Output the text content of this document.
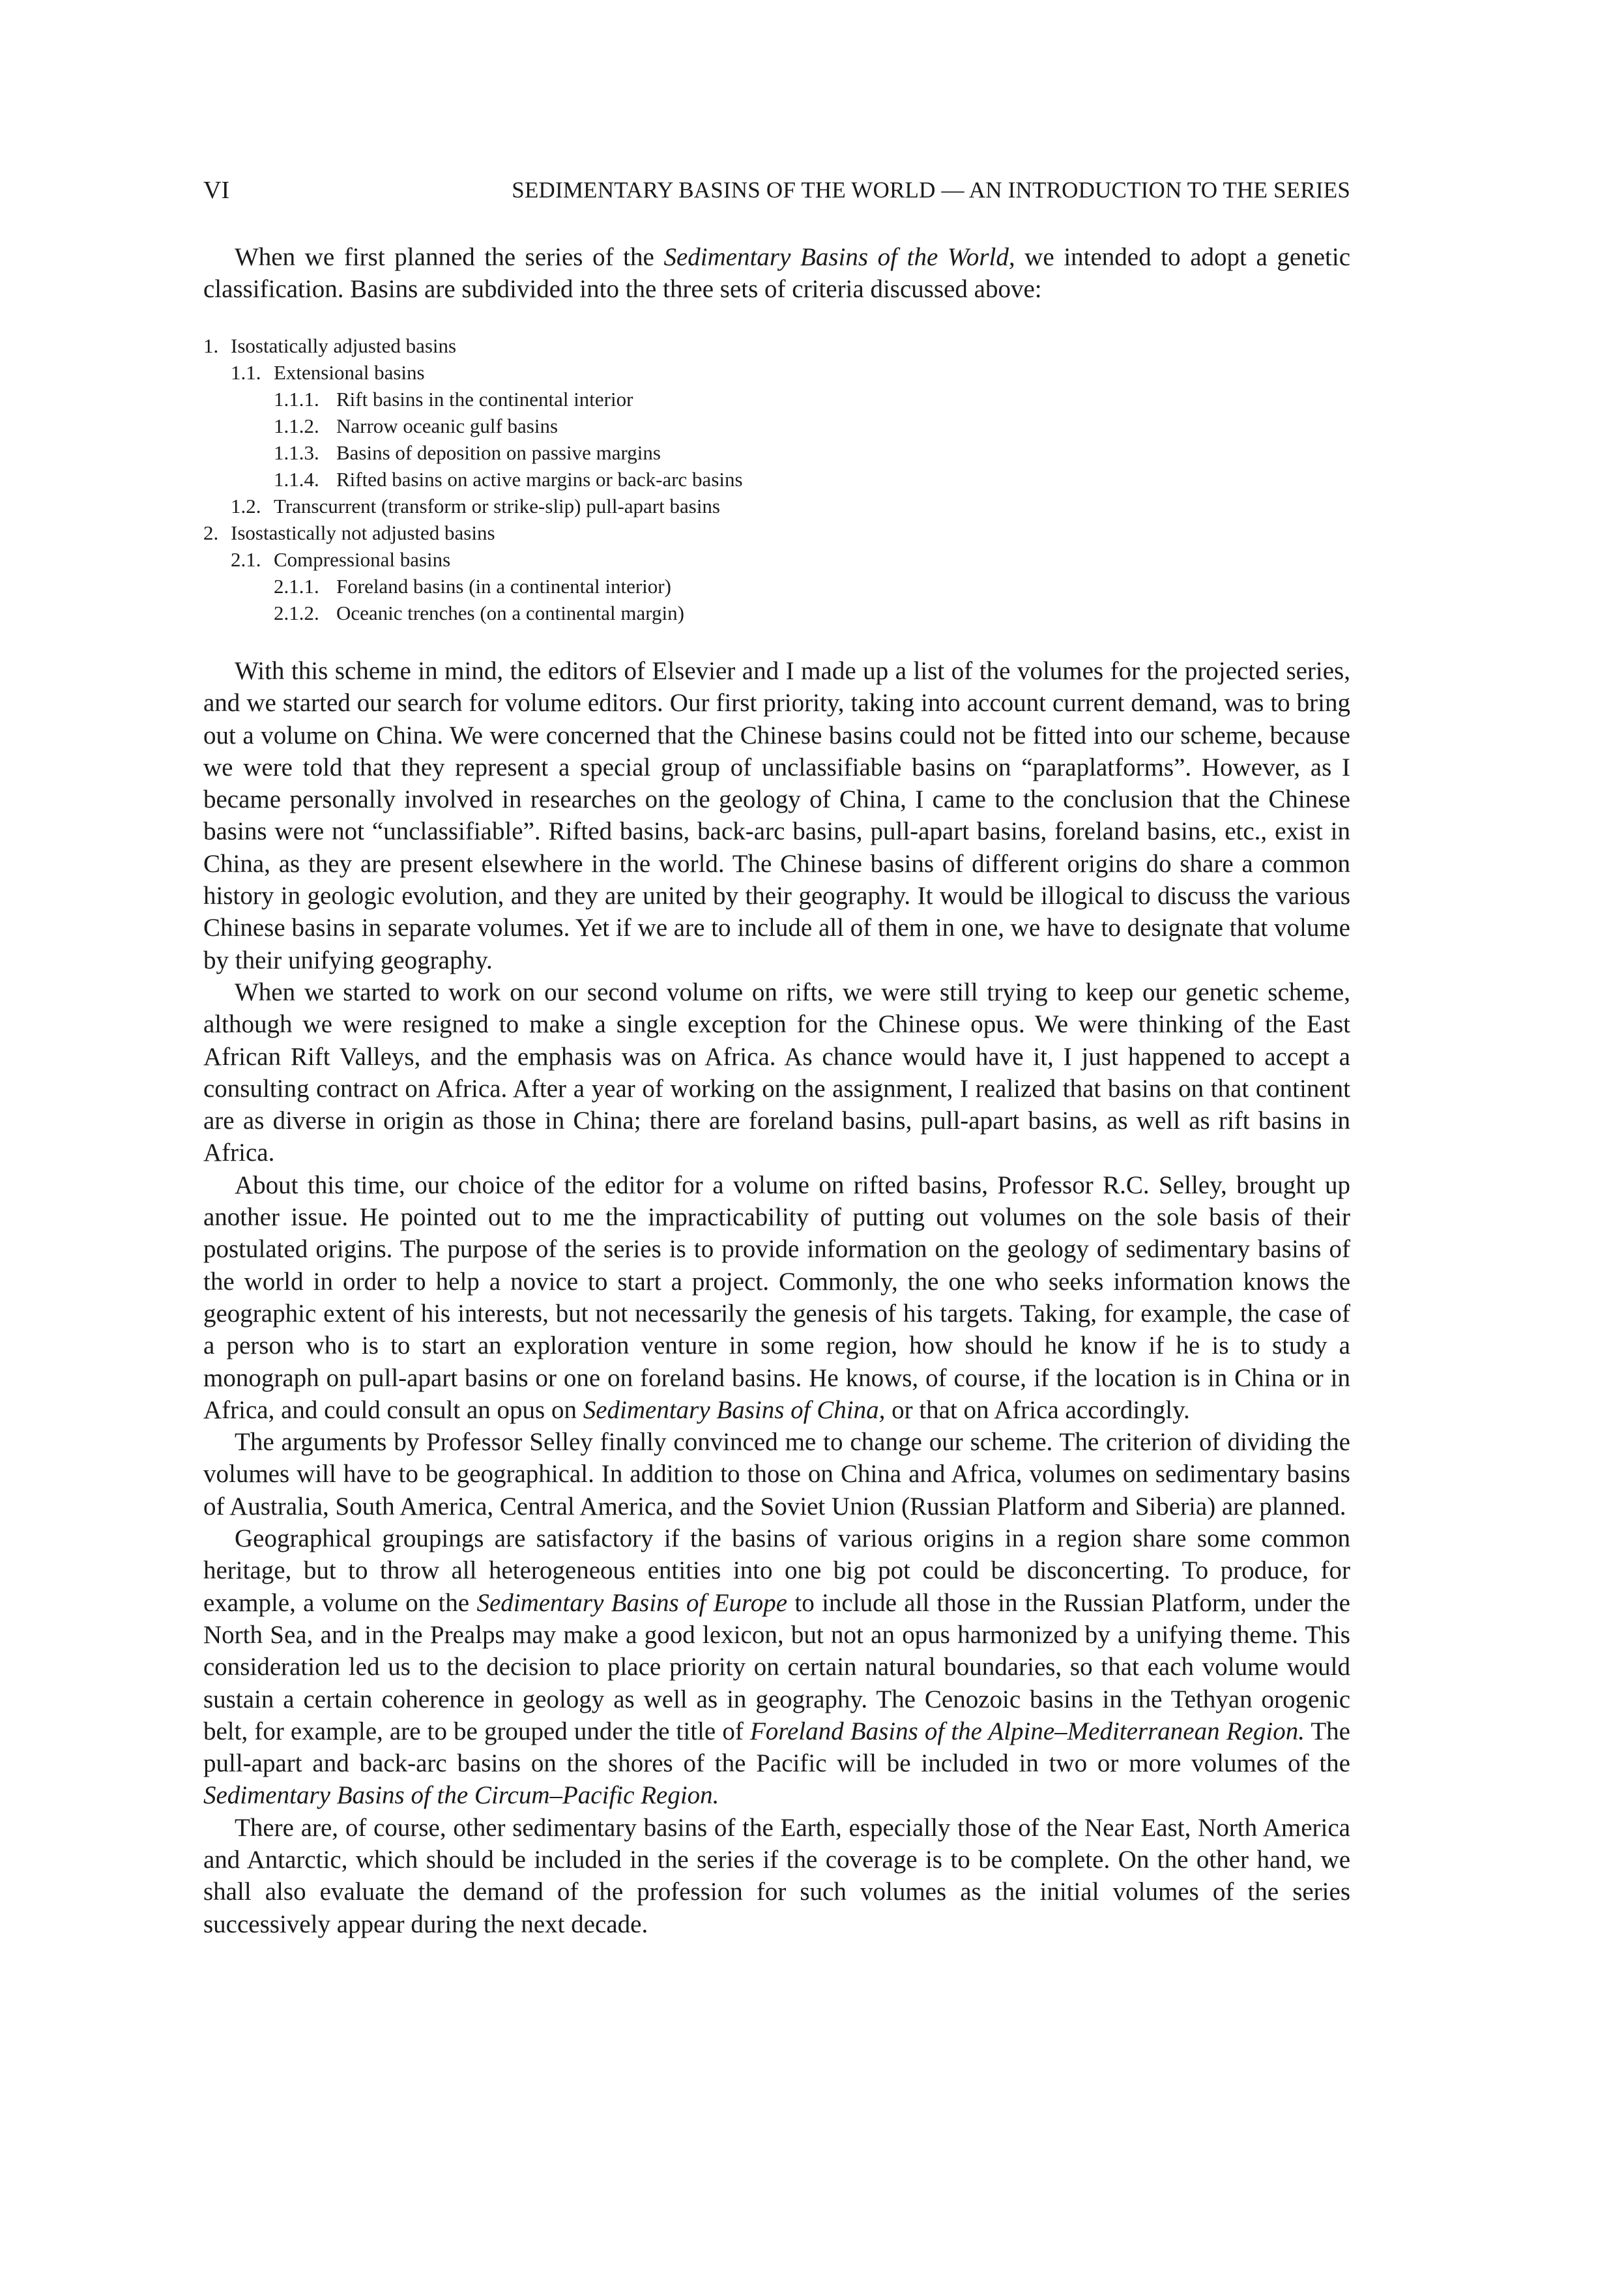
VI	SEDIMENTARY BASINS OF THE WORLD — AN INTRODUCTION TO THE SERIES

When we first planned the series of the Sedimentary Basins of the World, we intended to adopt a genetic classification. Basins are subdivided into the three sets of criteria discussed above:

1. Isostatically adjusted basins
1.1. Extensional basins
1.1.1. Rift basins in the continental interior
1.1.2. Narrow oceanic gulf basins
1.1.3. Basins of deposition on passive margins
1.1.4. Rifted basins on active margins or back-arc basins
1.2. Transcurrent (transform or strike-slip) pull-apart basins
2. Isostastically not adjusted basins
2.1. Compressional basins
2.1.1. Foreland basins (in a continental interior)
2.1.2. Oceanic trenches (on a continental margin)

With this scheme in mind, the editors of Elsevier and I made up a list of the volumes for the projected series, and we started our search for volume editors. Our first priority, taking into account current demand, was to bring out a volume on China. We were concerned that the Chinese basins could not be fitted into our scheme, because we were told that they represent a special group of unclassifiable basins on “paraplatforms”. However, as I became personally involved in researches on the geology of China, I came to the conclusion that the Chinese basins were not “unclassifiable”. Rifted basins, back-arc basins, pull-apart basins, foreland basins, etc., exist in China, as they are present elsewhere in the world. The Chinese basins of different origins do share a common history in geologic evolution, and they are united by their geography. It would be illogical to discuss the various Chinese basins in separate volumes. Yet if we are to include all of them in one, we have to designate that volume by their unifying geography.

When we started to work on our second volume on rifts, we were still trying to keep our genetic scheme, although we were resigned to make a single exception for the Chinese opus. We were thinking of the East African Rift Valleys, and the emphasis was on Africa. As chance would have it, I just happened to accept a consulting contract on Africa. After a year of working on the assignment, I realized that basins on that continent are as diverse in origin as those in China; there are foreland basins, pull-apart basins, as well as rift basins in Africa.

About this time, our choice of the editor for a volume on rifted basins, Professor R.C. Selley, brought up another issue. He pointed out to me the impracticability of putting out volumes on the sole basis of their postulated origins. The purpose of the series is to provide information on the geology of sedimentary basins of the world in order to help a novice to start a project. Commonly, the one who seeks information knows the geographic extent of his interests, but not necessarily the genesis of his targets. Taking, for example, the case of a person who is to start an exploration venture in some region, how should he know if he is to study a monograph on pull-apart basins or one on foreland basins. He knows, of course, if the location is in China or in Africa, and could consult an opus on Sedimentary Basins of China, or that on Africa accordingly.

The arguments by Professor Selley finally convinced me to change our scheme. The criterion of dividing the volumes will have to be geographical. In addition to those on China and Africa, volumes on sedimentary basins of Australia, South America, Central America, and the Soviet Union (Russian Platform and Siberia) are planned.

Geographical groupings are satisfactory if the basins of various origins in a region share some common heritage, but to throw all heterogeneous entities into one big pot could be disconcerting. To produce, for example, a volume on the Sedimentary Basins of Europe to include all those in the Russian Platform, under the North Sea, and in the Prealps may make a good lexicon, but not an opus harmonized by a unifying theme. This consideration led us to the decision to place priority on certain natural boundaries, so that each volume would sustain a certain coherence in geology as well as in geography. The Cenozoic basins in the Tethyan orogenic belt, for example, are to be grouped under the title of Foreland Basins of the Alpine–Mediterranean Region. The pull-apart and back-arc basins on the shores of the Pacific will be included in two or more volumes of the Sedimentary Basins of the Circum–Pacific Region.

There are, of course, other sedimentary basins of the Earth, especially those of the Near East, North America and Antarctic, which should be included in the series if the coverage is to be complete. On the other hand, we shall also evaluate the demand of the profession for such volumes as the initial volumes of the series successively appear during the next decade.
